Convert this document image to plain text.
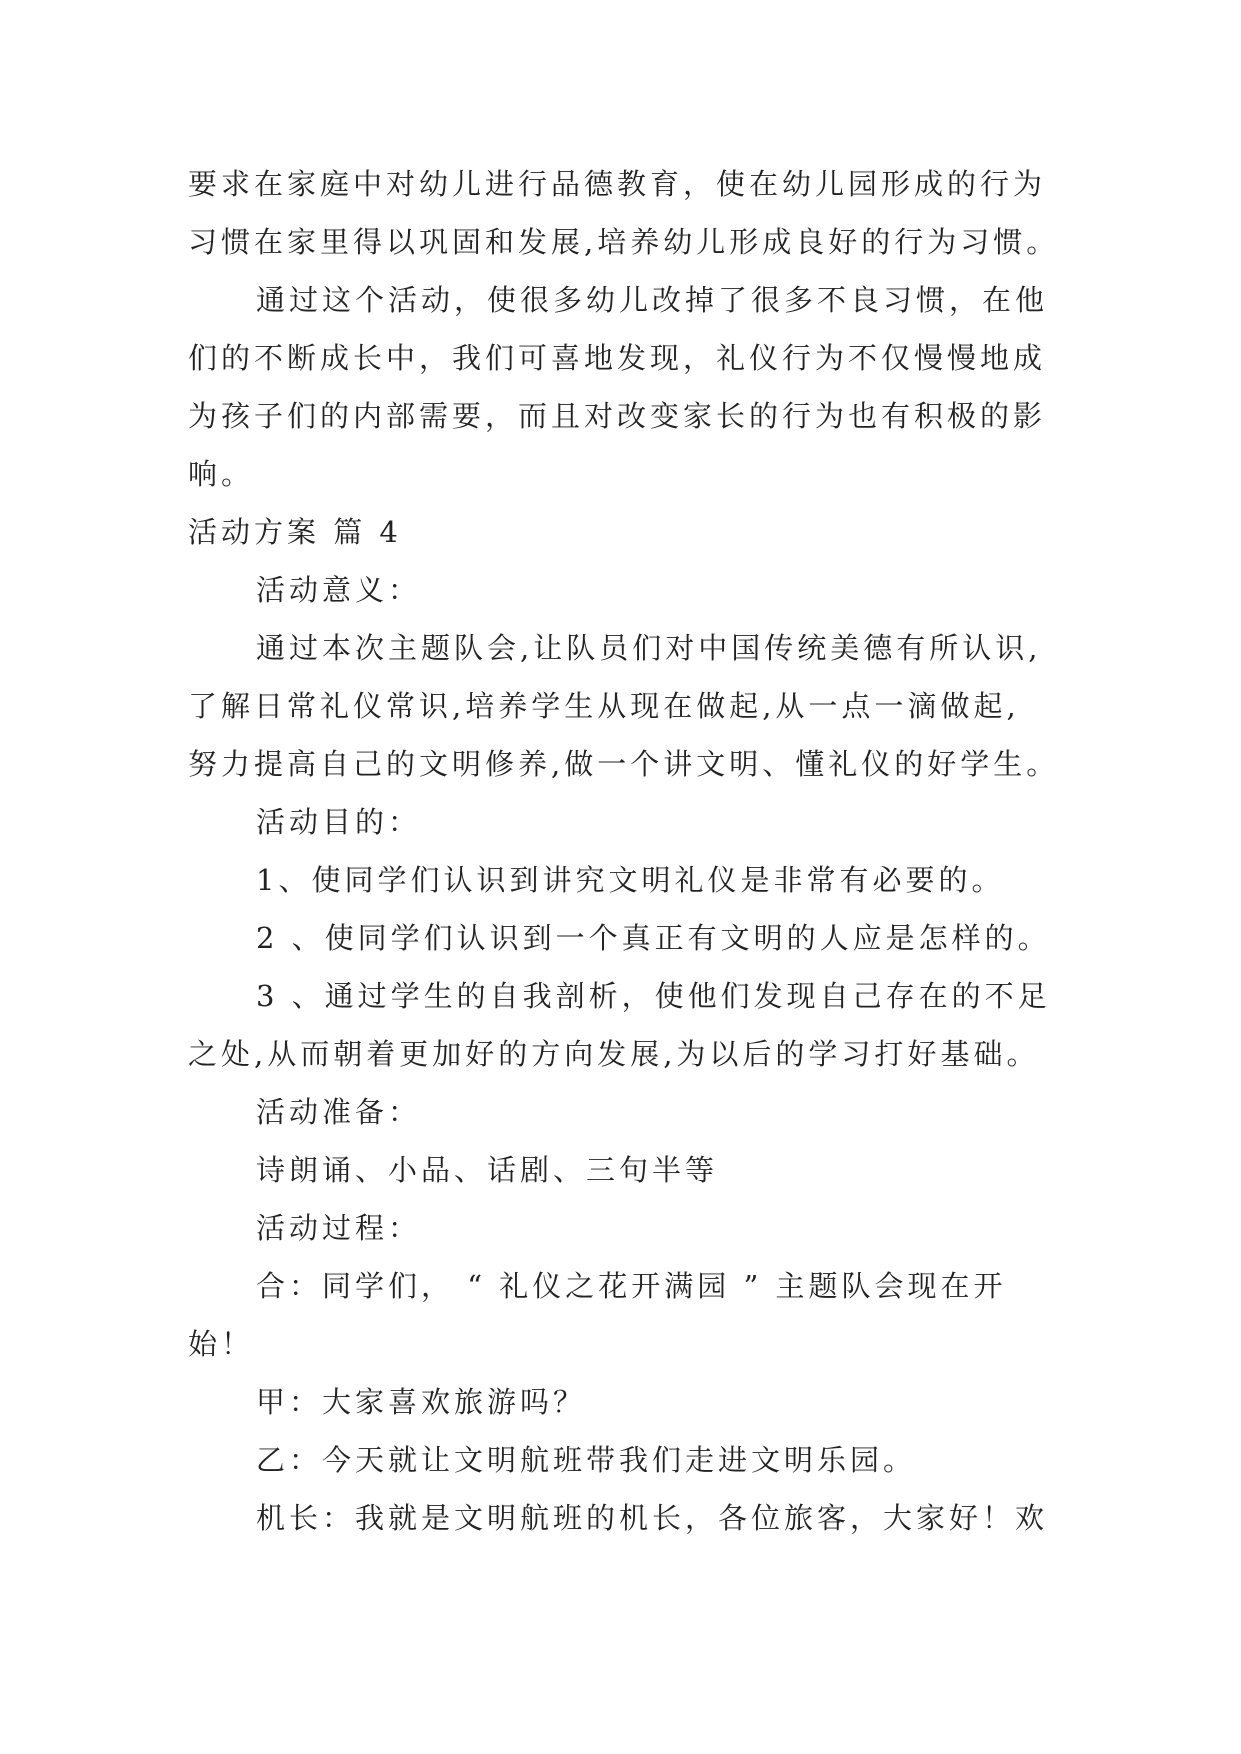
要求在家庭中对幼儿进行品德教育，使在幼儿园形成的行为
习惯在家里得以巩固和发展,培养幼儿形成良好的行为习惯。
通过这个活动，使很多幼儿改掉了很多不良习惯，在他
们的不断成长中，我们可喜地发现，礼仪行为不仅慢慢地成
为孩子们的内部需要，而且对改变家长的行为也有积极的影
响。
活动方案 篇 4
活动意义：
通过本次主题队会,让队员们对中国传统美德有所认识,
了解日常礼仪常识,培养学生从现在做起,从一点一滴做起,
努力提高自己的文明修养,做一个讲文明、懂礼仪的好学生。
活动目的：
1、使同学们认识到讲究文明礼仪是非常有必要的。
2 、使同学们认识到一个真正有文明的人应是怎样的。
3 、通过学生的自我剖析，使他们发现自己存在的不足
之处,从而朝着更加好的方向发展,为以后的学习打好基础。
活动准备：
诗朗诵、小品、话剧、三句半等
活动过程：
合：同学们， “ 礼仪之花开满园 ” 主题队会现在开
始！
甲：大家喜欢旅游吗？
乙：今天就让文明航班带我们走进文明乐园。
机长：我就是文明航班的机长，各位旅客，大家好！欢
